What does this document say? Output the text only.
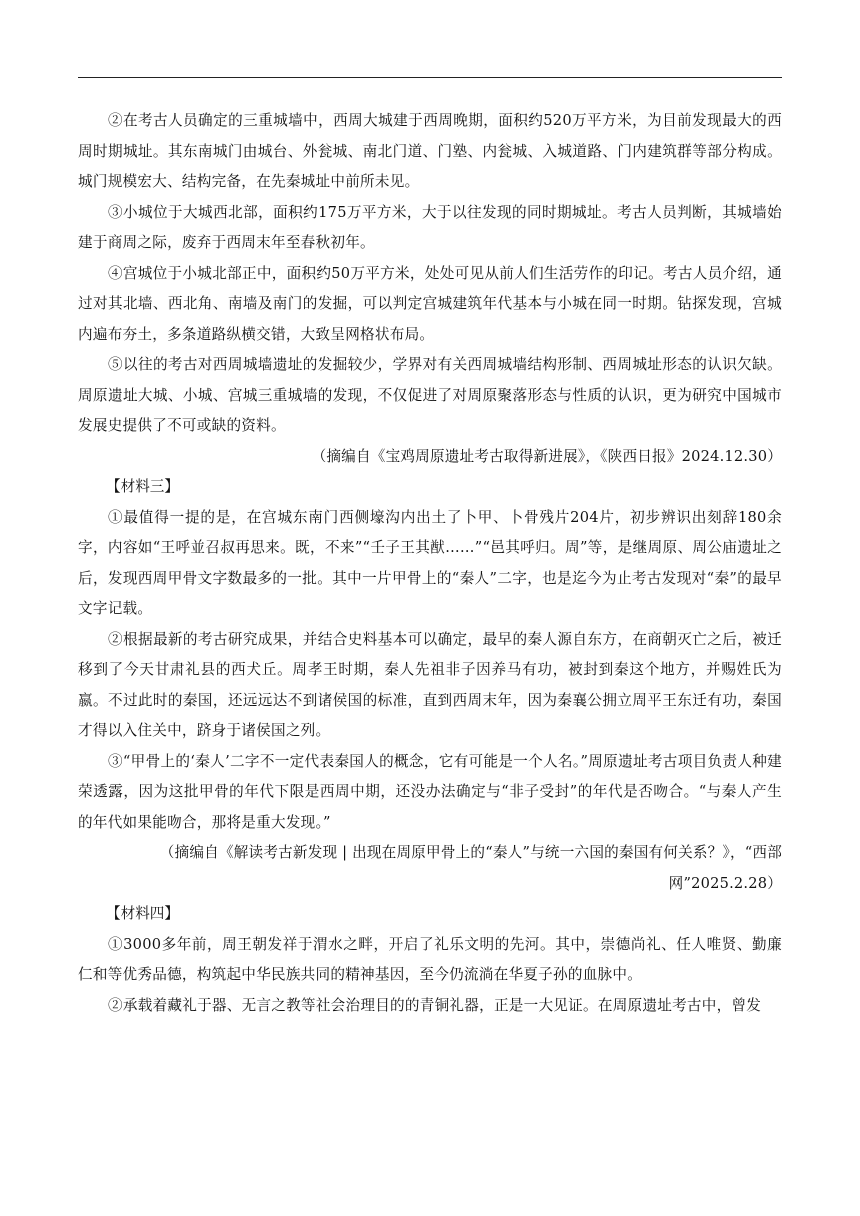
②在考古人员确定的三重城墙中，西周大城建于西周晚期，面积约520万平方米，为目前发现最大的西周时期城址。其东南城门由城台、外瓮城、南北门道、门塾、内瓮城、入城道路、门内建筑群等部分构成。城门规模宏大、结构完备，在先秦城址中前所未见。

③小城位于大城西北部，面积约175万平方米，大于以往发现的同时期城址。考古人员判断，其城墙始建于商周之际，废弃于西周末年至春秋初年。

④宫城位于小城北部正中，面积约50万平方米，处处可见从前人们生活劳作的印记。考古人员介绍，通过对其北墙、西北角、南墙及南门的发掘，可以判定宫城建筑年代基本与小城在同一时期。钻探发现，宫城内遍布夯土，多条道路纵横交错，大致呈网格状布局。

⑤以往的考古对西周城墙遗址的发掘较少，学界对有关西周城墙结构形制、西周城址形态的认识欠缺。周原遗址大城、小城、宫城三重城墙的发现，不仅促进了对周原聚落形态与性质的认识，更为研究中国城市发展史提供了不可或缺的资料。

（摘编自《宝鸡周原遗址考古取得新进展》，《陕西日报》2024.12.30）

【材料三】

①最值得一提的是，在宫城东南门西侧壕沟内出土了卜甲、卜骨残片204片，初步辨识出刻辞180余字，内容如“王呼並召叔再思来。既，不来”“壬子王其猷……”“邑其呼归。周”等，是继周原、周公庙遗址之后，发现西周甲骨文字数最多的一批。其中一片甲骨上的“秦人”二字，也是迄今为止考古发现对“秦”的最早文字记载。

②根据最新的考古研究成果，并结合史料基本可以确定，最早的秦人源自东方，在商朝灭亡之后，被迁移到了今天甘肃礼县的西犬丘。周孝王时期，秦人先祖非子因养马有功，被封到秦这个地方，并赐姓氏为嬴。不过此时的秦国，还远远达不到诸侯国的标准，直到西周末年，因为秦襄公拥立周平王东迁有功，秦国才得以入住关中，跻身于诸侯国之列。

③“甲骨上的‘秦人’二字不一定代表秦国人的概念，它有可能是一个人名。”周原遗址考古项目负责人种建荣透露，因为这批甲骨的年代下限是西周中期，还没办法确定与“非子受封”的年代是否吻合。“与秦人产生的年代如果能吻合，那将是重大发现。”

（摘编自《解读考古新发现 | 出现在周原甲骨上的“秦人”与统一六国的秦国有何关系？》，“西部网”2025.2.28）

【材料四】

①3000多年前，周王朝发祥于渭水之畔，开启了礼乐文明的先河。其中，崇德尚礼、任人唯贤、勤廉仁和等优秀品德，构筑起中华民族共同的精神基因，至今仍流淌在华夏子孙的血脉中。

②承载着藏礼于器、无言之教等社会治理目的的青铜礼器，正是一大见证。在周原遗址考古中，曾发
